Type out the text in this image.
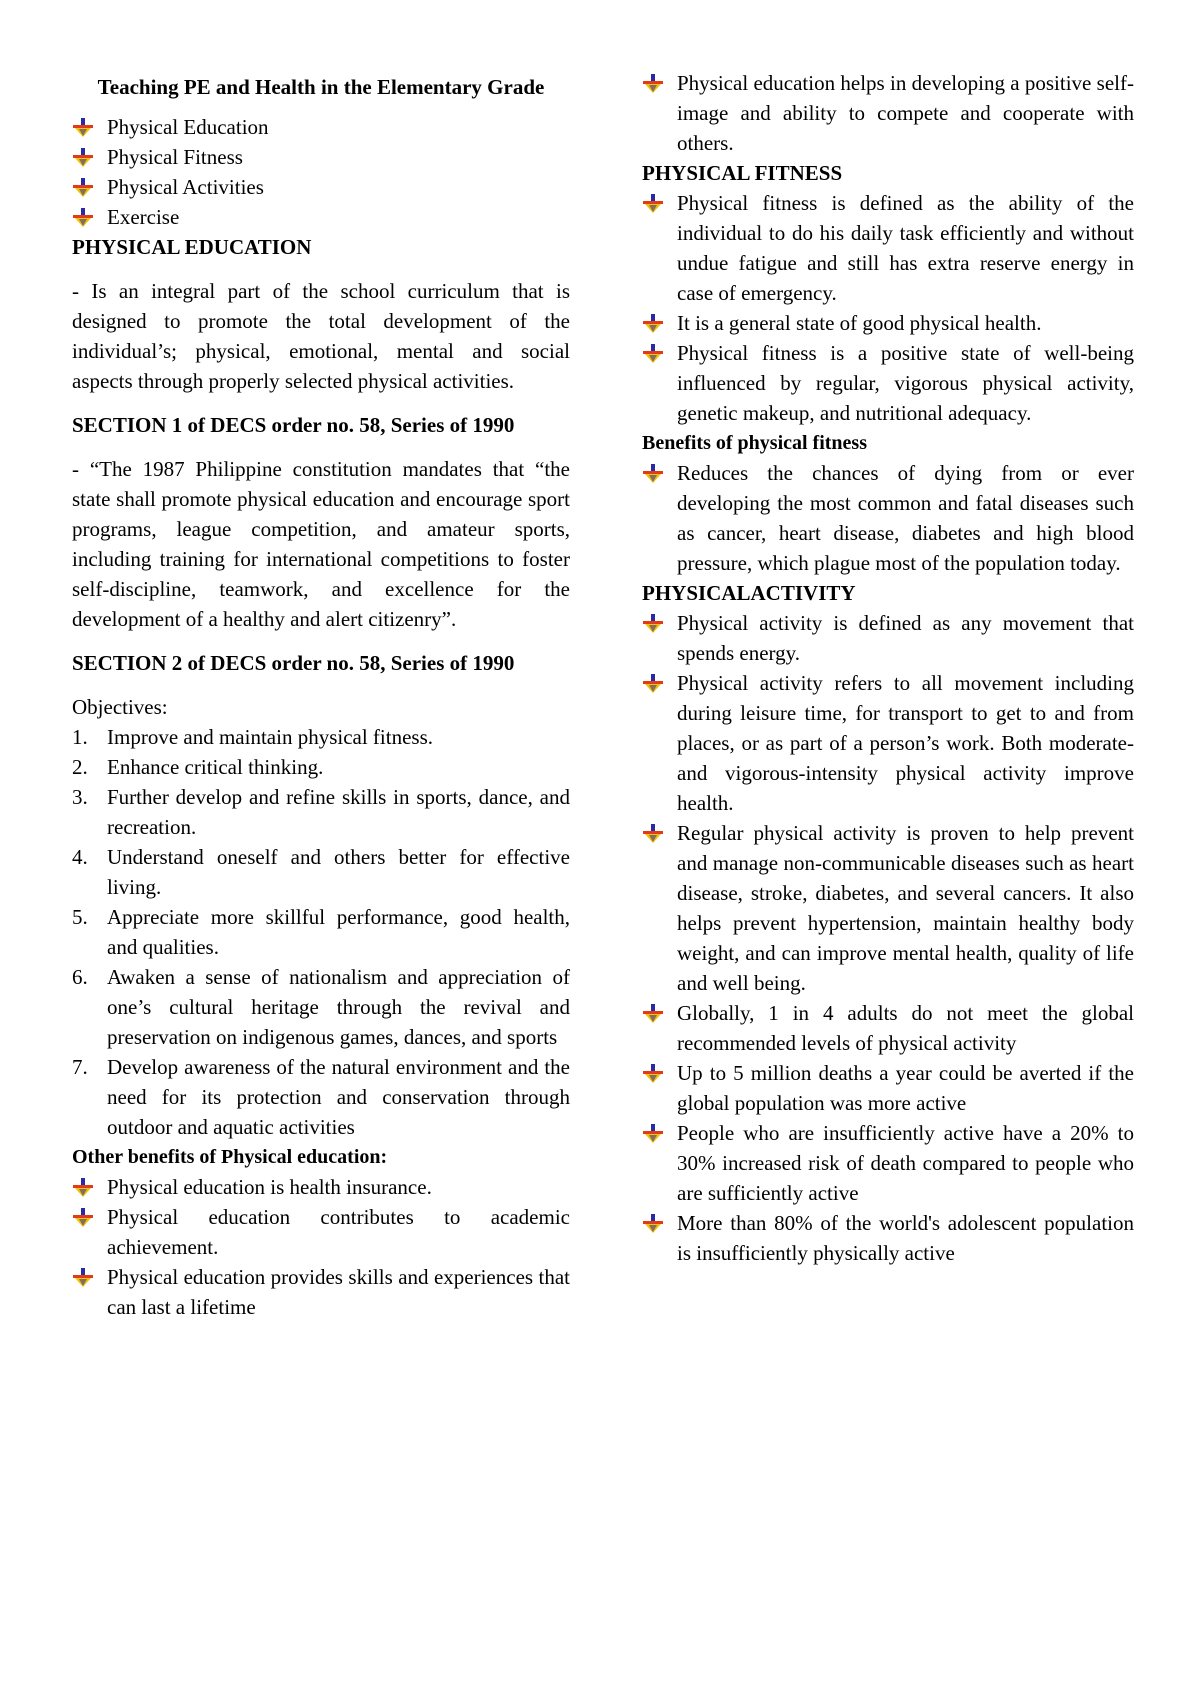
Teaching PE and Health in the Elementary Grade

Physical Education
Physical Fitness
Physical Activities
Exercise

PHYSICAL EDUCATION

- Is an integral part of the school curriculum that is designed to promote the total development of the individual’s; physical, emotional, mental and social aspects through properly selected physical activities.

SECTION 1 of DECS order no. 58, Series of 1990

- “The 1987 Philippine constitution mandates that “the state shall promote physical education and encourage sport programs, league competition, and amateur sports, including training for international competitions to foster self-discipline, teamwork, and excellence for the development of a healthy and alert citizenry”.

SECTION 2 of DECS order no. 58, Series of 1990

Objectives:

1. Improve and maintain physical fitness.
2. Enhance critical thinking.
3. Further develop and refine skills in sports, dance, and recreation.
4. Understand oneself and others better for effective living.
5. Appreciate more skillful performance, good health, and qualities.
6. Awaken a sense of nationalism and appreciation of one’s cultural heritage through the revival and preservation on indigenous games, dances, and sports
7. Develop awareness of the natural environment and the need for its protection and conservation through outdoor and aquatic activities

Other benefits of Physical education:

Physical education is health insurance.
Physical education contributes to academic achievement.
Physical education provides skills and experiences that can last a lifetime
Physical education helps in developing a positive self-image and ability to compete and cooperate with others.

PHYSICAL FITNESS

Physical fitness is defined as the ability of the individual to do his daily task efficiently and without undue fatigue and still has extra reserve energy in case of emergency.
It is a general state of good physical health.
Physical fitness is a positive state of well-being influenced by regular, vigorous physical activity, genetic makeup, and nutritional adequacy.

Benefits of physical fitness

Reduces the chances of dying from or ever developing the most common and fatal diseases such as cancer, heart disease, diabetes and high blood pressure, which plague most of the population today.

PHYSICALACTIVITY

Physical activity is defined as any movement that spends energy.
Physical activity refers to all movement including during leisure time, for transport to get to and from places, or as part of a person’s work. Both moderate- and vigorous-intensity physical activity improve health.
Regular physical activity is proven to help prevent and manage non-communicable diseases such as heart disease, stroke, diabetes, and several cancers. It also helps prevent hypertension, maintain healthy body weight, and can improve mental health, quality of life and well being.
Globally, 1 in 4 adults do not meet the global recommended levels of physical activity
Up to 5 million deaths a year could be averted if the global population was more active
People who are insufficiently active have a 20% to 30% increased risk of death compared to people who are sufficiently active
More than 80% of the world's adolescent population is insufficiently physically active
